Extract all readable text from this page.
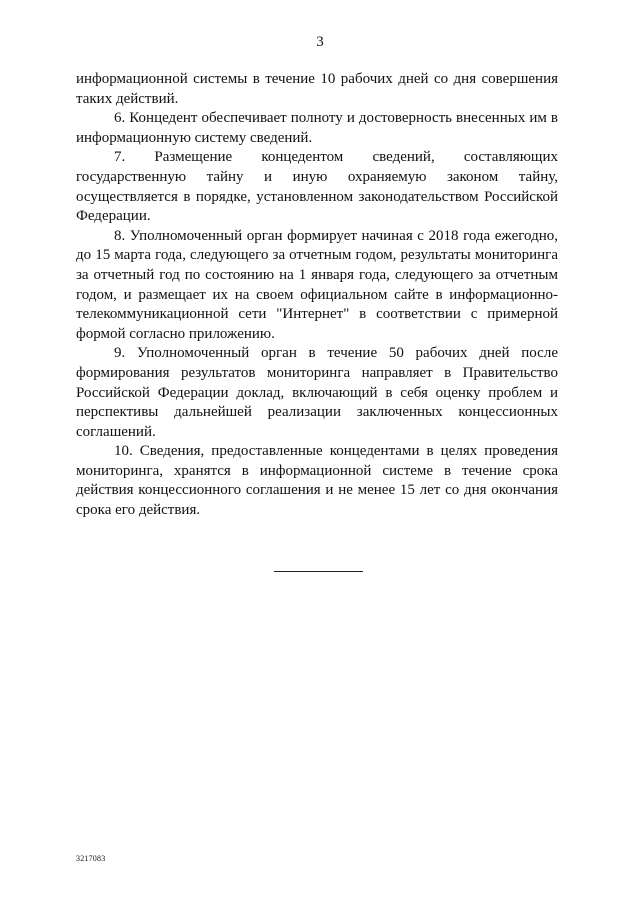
3

информационной системы в течение 10 рабочих дней со дня совершения таких действий.

6. Концедент обеспечивает полноту и достоверность внесенных им в информационную систему сведений.

7. Размещение концедентом сведений, составляющих государственную тайну и иную охраняемую законом тайну, осуществляется в порядке, установленном законодательством Российской Федерации.

8. Уполномоченный орган формирует начиная с 2018 года ежегодно, до 15 марта года, следующего за отчетным годом, результаты мониторинга за отчетный год по состоянию на 1 января года, следующего за отчетным годом, и размещает их на своем официальном сайте в информационно-телекоммуникационной сети "Интернет" в соответствии с примерной формой согласно приложению.

9. Уполномоченный орган в течение 50 рабочих дней после формирования результатов мониторинга направляет в Правительство Российской Федерации доклад, включающий в себя оценку проблем и перспективы дальнейшей реализации заключенных концессионных соглашений.

10. Сведения, предоставленные концедентами в целях проведения мониторинга, хранятся в информационной системе в течение срока действия концессионного соглашения и не менее 15 лет со дня окончания срока его действия.

3217083
